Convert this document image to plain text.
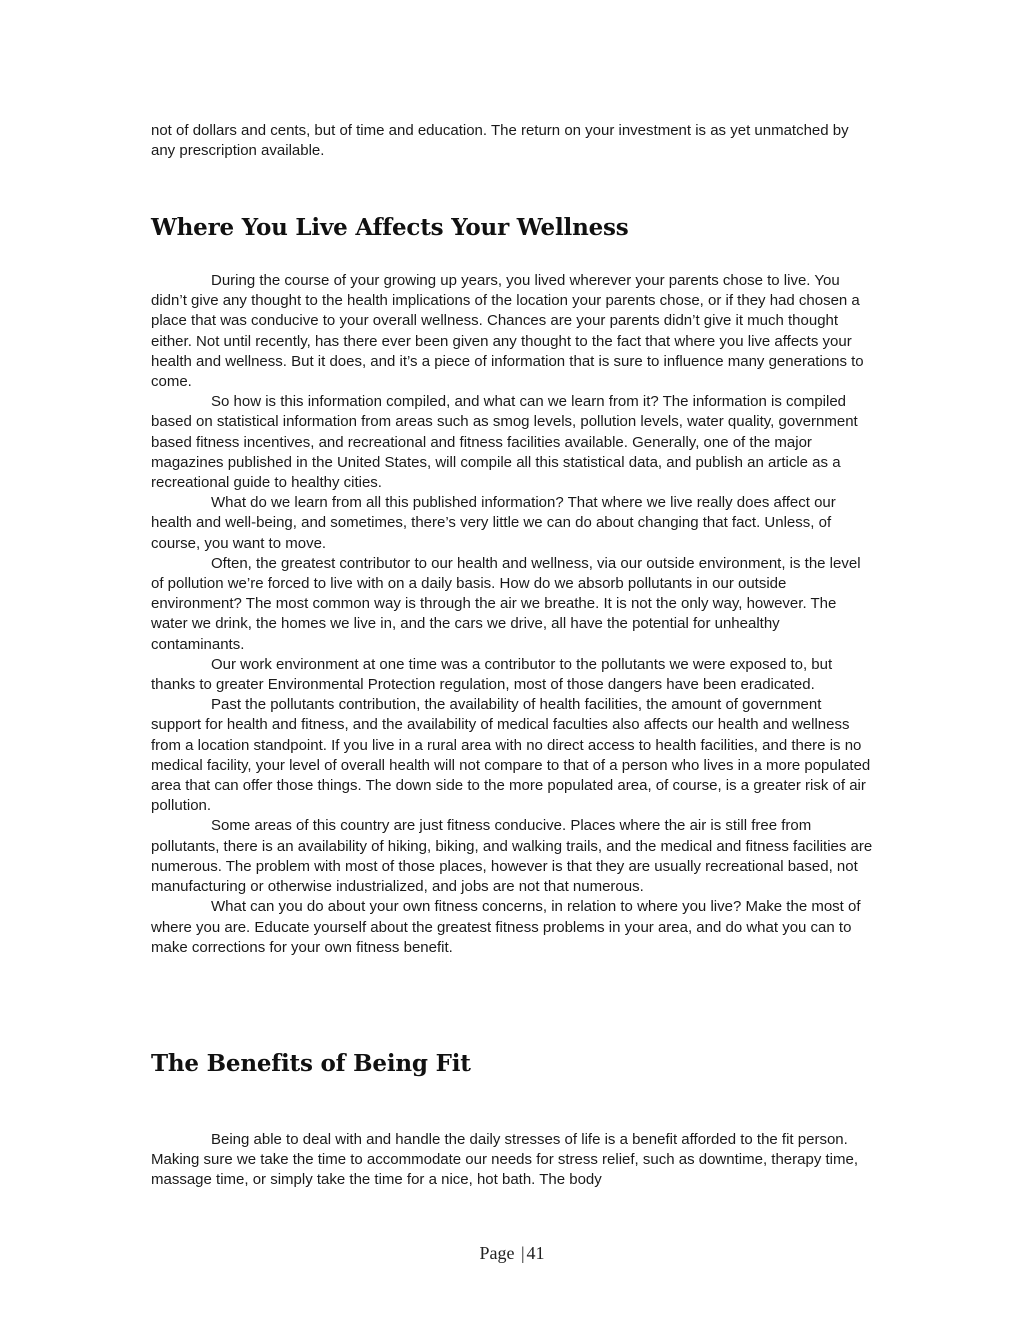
not of dollars and cents, but of time and education. The return on your investment is as yet unmatched by any prescription available.

Where You Live Affects Your Wellness

During the course of your growing up years, you lived wherever your parents chose to live. You didn’t give any thought to the health implications of the location your parents chose, or if they had chosen a place that was conducive to your overall wellness. Chances are your parents didn’t give it much thought either. Not until recently, has there ever been given any thought to the fact that where you live affects your health and wellness. But it does, and it’s a piece of information that is sure to influence many generations to come.

So how is this information compiled, and what can we learn from it? The information is compiled based on statistical information from areas such as smog levels, pollution levels, water quality, government based fitness incentives, and recreational and fitness facilities available. Generally, one of the major magazines published in the United States, will compile all this statistical data, and publish an article as a recreational guide to healthy cities.

What do we learn from all this published information? That where we live really does affect our health and well-being, and sometimes, there’s very little we can do about changing that fact. Unless, of course, you want to move.

Often, the greatest contributor to our health and wellness, via our outside environment, is the level of pollution we’re forced to live with on a daily basis. How do we absorb pollutants in our outside environment? The most common way is through the air we breathe. It is not the only way, however. The water we drink, the homes we live in, and the cars we drive, all have the potential for unhealthy contaminants.

Our work environment at one time was a contributor to the pollutants we were exposed to, but thanks to greater Environmental Protection regulation, most of those dangers have been eradicated.

Past the pollutants contribution, the availability of health facilities, the amount of government support for health and fitness, and the availability of medical faculties also affects our health and wellness from a location standpoint. If you live in a rural area with no direct access to health facilities, and there is no medical facility, your level of overall health will not compare to that of a person who lives in a more populated area that can offer those things. The down side to the more populated area, of course, is a greater risk of air pollution.

Some areas of this country are just fitness conducive. Places where the air is still free from pollutants, there is an availability of hiking, biking, and walking trails, and the medical and fitness facilities are numerous. The problem with most of those places, however is that they are usually recreational based, not manufacturing or otherwise industrialized, and jobs are not that numerous.

What can you do about your own fitness concerns, in relation to where you live? Make the most of where you are. Educate yourself about the greatest fitness problems in your area, and do what you can to make corrections for your own fitness benefit.

The Benefits of Being Fit

Being able to deal with and handle the daily stresses of life is a benefit afforded to the fit person. Making sure we take the time to accommodate our needs for stress relief, such as downtime, therapy time, massage time, or simply take the time for a nice, hot bath. The body

Page | 41
